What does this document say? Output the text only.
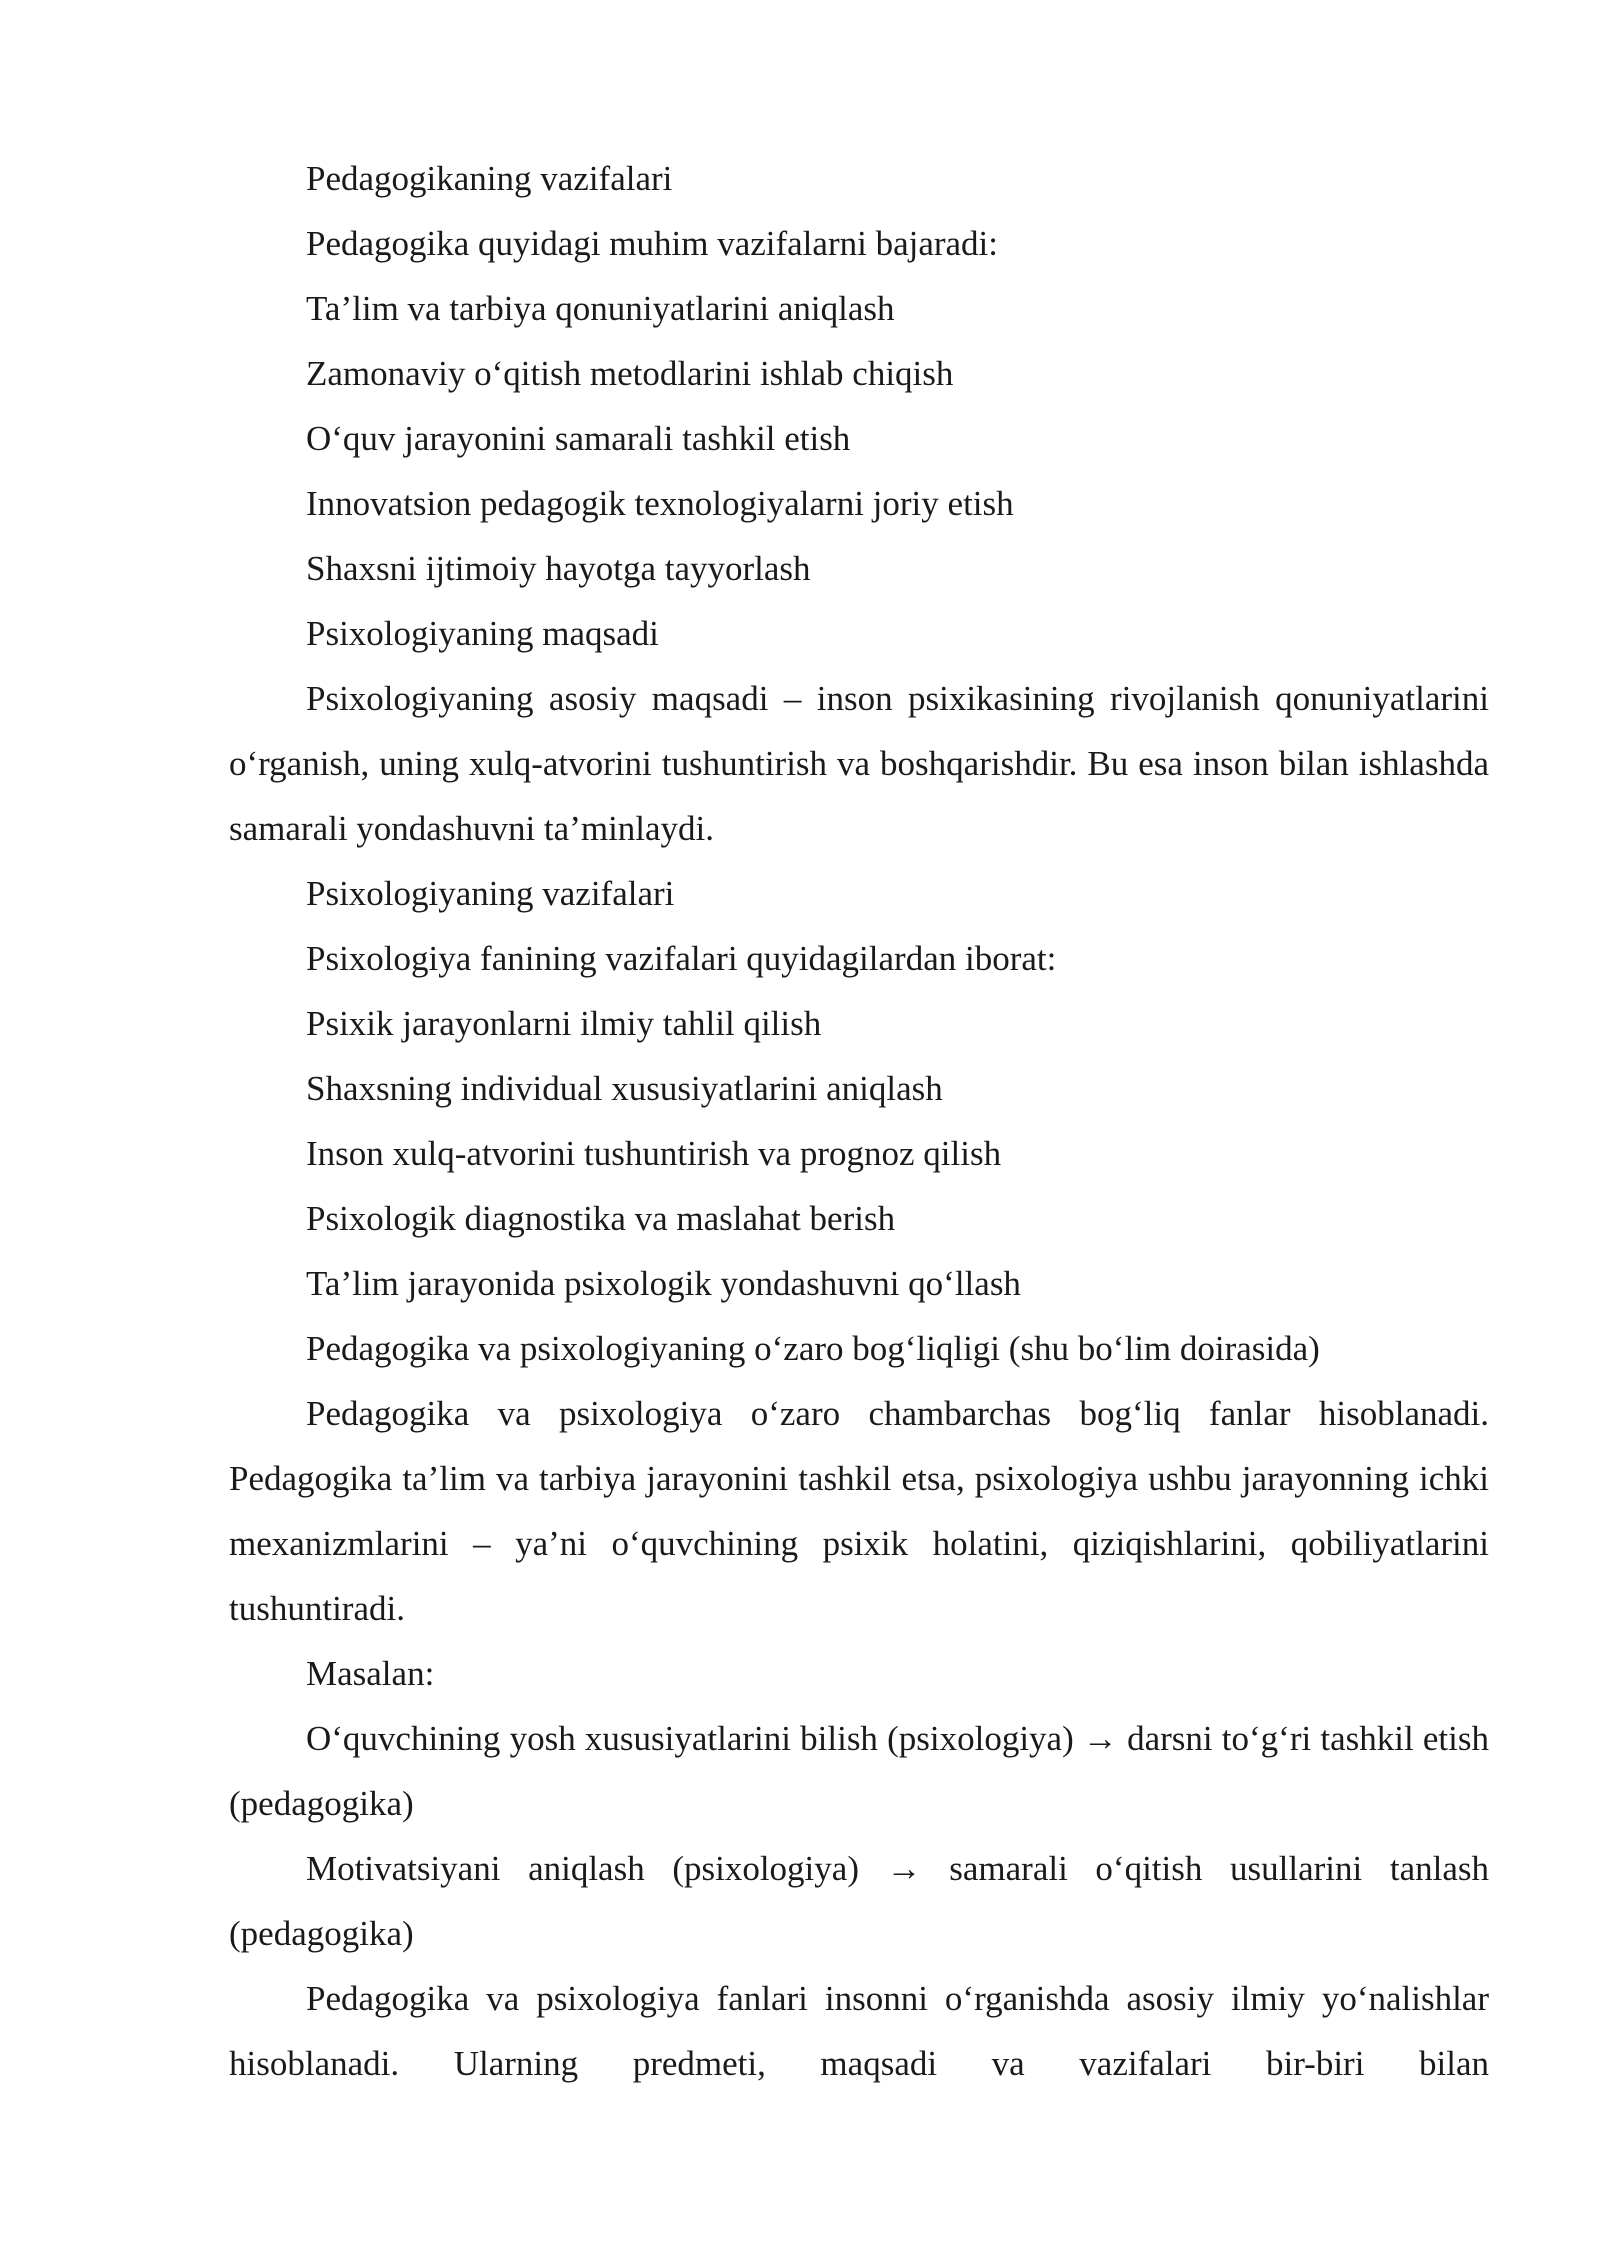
Pedagogikaning vazifalari

Pedagogika quyidagi muhim vazifalarni bajaradi:

Ta’lim va tarbiya qonuniyatlarini aniqlash

Zamonaviy o‘qitish metodlarini ishlab chiqish

O‘quv jarayonini samarali tashkil etish

Innovatsion pedagogik texnologiyalarni joriy etish

Shaxsni ijtimoiy hayotga tayyorlash

Psixologiyaning maqsadi

Psixologiyaning asosiy maqsadi – inson psixikasining rivojlanish qonuniyatlarini o‘rganish, uning xulq-atvorini tushuntirish va boshqarishdir. Bu esa inson bilan ishlashda samarali yondashuvni ta’minlaydi.

Psixologiyaning vazifalari

Psixologiya fanining vazifalari quyidagilardan iborat:

Psixik jarayonlarni ilmiy tahlil qilish

Shaxsning individual xususiyatlarini aniqlash

Inson xulq-atvorini tushuntirish va prognoz qilish

Psixologik diagnostika va maslahat berish

Ta’lim jarayonida psixologik yondashuvni qo‘llash

Pedagogika va psixologiyaning o‘zaro bog‘liqligi (shu bo‘lim doirasida)

Pedagogika va psixologiya o‘zaro chambarchas bog‘liq fanlar hisoblanadi. Pedagogika ta’lim va tarbiya jarayonini tashkil etsa, psixologiya ushbu jarayonning ichki mexanizmlarini – ya’ni o‘quvchining psixik holatini, qiziqishlarini, qobiliyatlarini tushuntiradi.

Masalan:

O‘quvchining yosh xususiyatlarini bilish (psixologiya) → darsni to‘g‘ri tashkil etish (pedagogika)

Motivatsiyani aniqlash (psixologiya) → samarali o‘qitish usullarini tanlash (pedagogika)

Pedagogika va psixologiya fanlari insonni o‘rganishda asosiy ilmiy yo‘nalishlar hisoblanadi. Ularning predmeti, maqsadi va vazifalari bir-biri bilan
